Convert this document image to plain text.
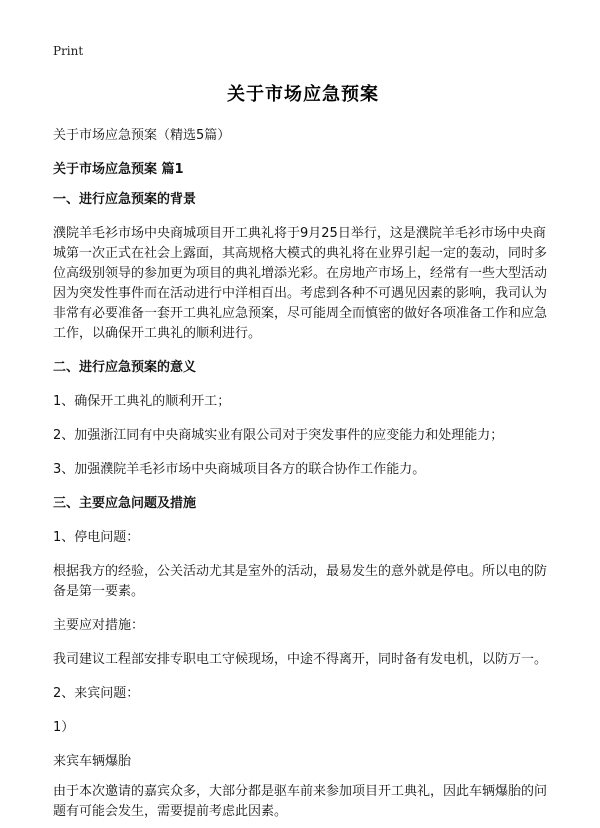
Print
关于市场应急预案

关于市场应急预案（精选5篇）

关于市场应急预案 篇1

一、进行应急预案的背景

濮院羊毛衫市场中央商城项目开工典礼将于9月25日举行，这是濮院羊毛衫市场中央商城第一次正式在社会上露面，其高规格大模式的典礼将在业界引起一定的轰动，同时多位高级别领导的参加更为项目的典礼增添光彩。在房地产市场上，经常有一些大型活动因为突发性事件而在活动进行中洋相百出。考虑到各种不可遇见因素的影响，我司认为非常有必要准备一套开工典礼应急预案，尽可能周全而慎密的做好各项准备工作和应急工作，以确保开工典礼的顺利进行。

二、进行应急预案的意义

1、确保开工典礼的顺利开工；

2、加强浙江同有中央商城实业有限公司对于突发事件的应变能力和处理能力；

3、加强濮院羊毛衫市场中央商城项目各方的联合协作工作能力。

三、主要应急问题及措施

1、停电问题：

根据我方的经验，公关活动尤其是室外的活动，最易发生的意外就是停电。所以电的防备是第一要素。

主要应对措施：

我司建议工程部安排专职电工守候现场，中途不得离开，同时备有发电机，以防万一。

2、来宾问题：

1）

来宾车辆爆胎

由于本次邀请的嘉宾众多，大部分都是驱车前来参加项目开工典礼，因此车辆爆胎的问题有可能会发生，需要提前考虑此因素。
